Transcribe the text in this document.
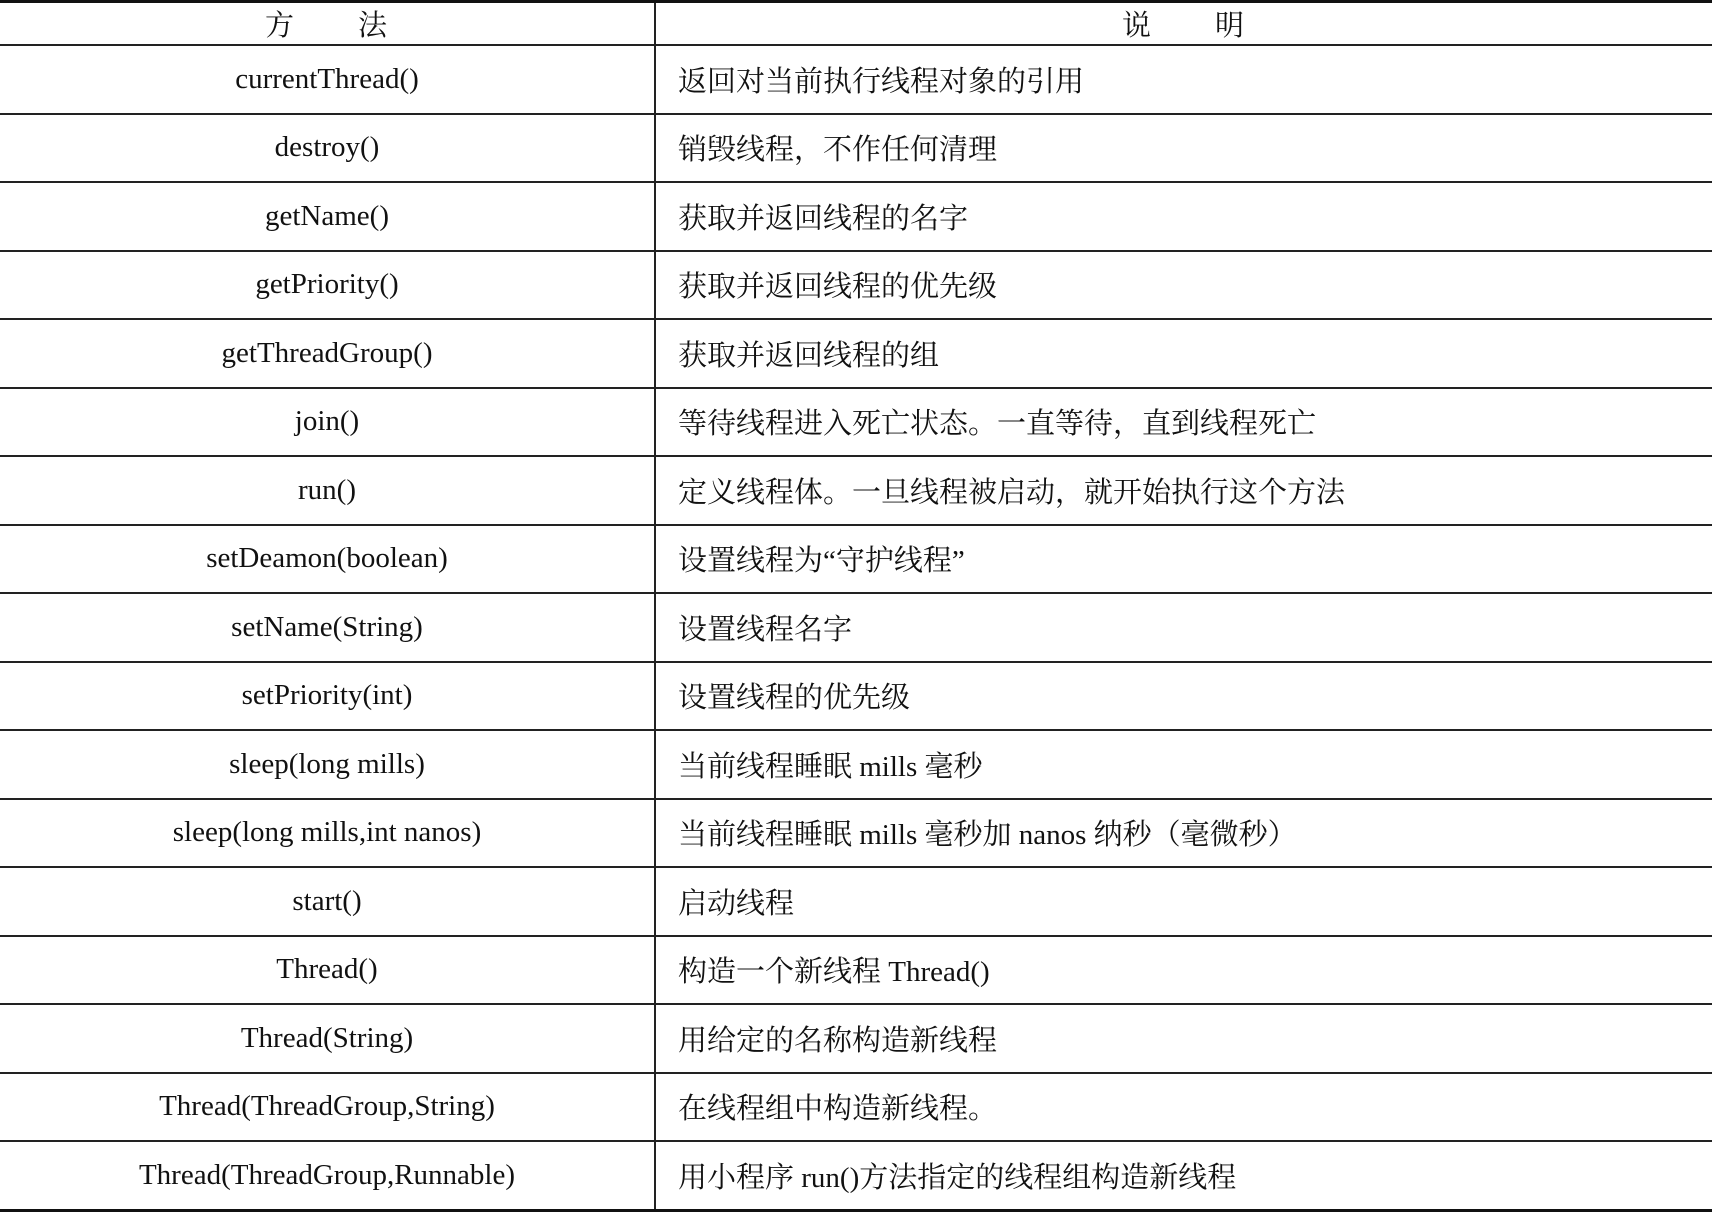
方　　法	说　　明
currentThread()	返回对当前执行线程对象的引用
destroy()	销毁线程，不作任何清理
getName()	获取并返回线程的名字
getPriority()	获取并返回线程的优先级
getThreadGroup()	获取并返回线程的组
join()	等待线程进入死亡状态。一直等待，直到线程死亡
run()	定义线程体。一旦线程被启动，就开始执行这个方法
setDeamon(boolean)	设置线程为“守护线程”
setName(String)	设置线程名字
setPriority(int)	设置线程的优先级
sleep(long mills)	当前线程睡眠 mills 毫秒
sleep(long mills,int nanos)	当前线程睡眠 mills 毫秒加 nanos 纳秒（毫微秒）
start()	启动线程
Thread()	构造一个新线程 Thread()
Thread(String)	用给定的名称构造新线程
Thread(ThreadGroup,String)	在线程组中构造新线程。
Thread(ThreadGroup,Runnable)	用小程序 run()方法指定的线程组构造新线程
